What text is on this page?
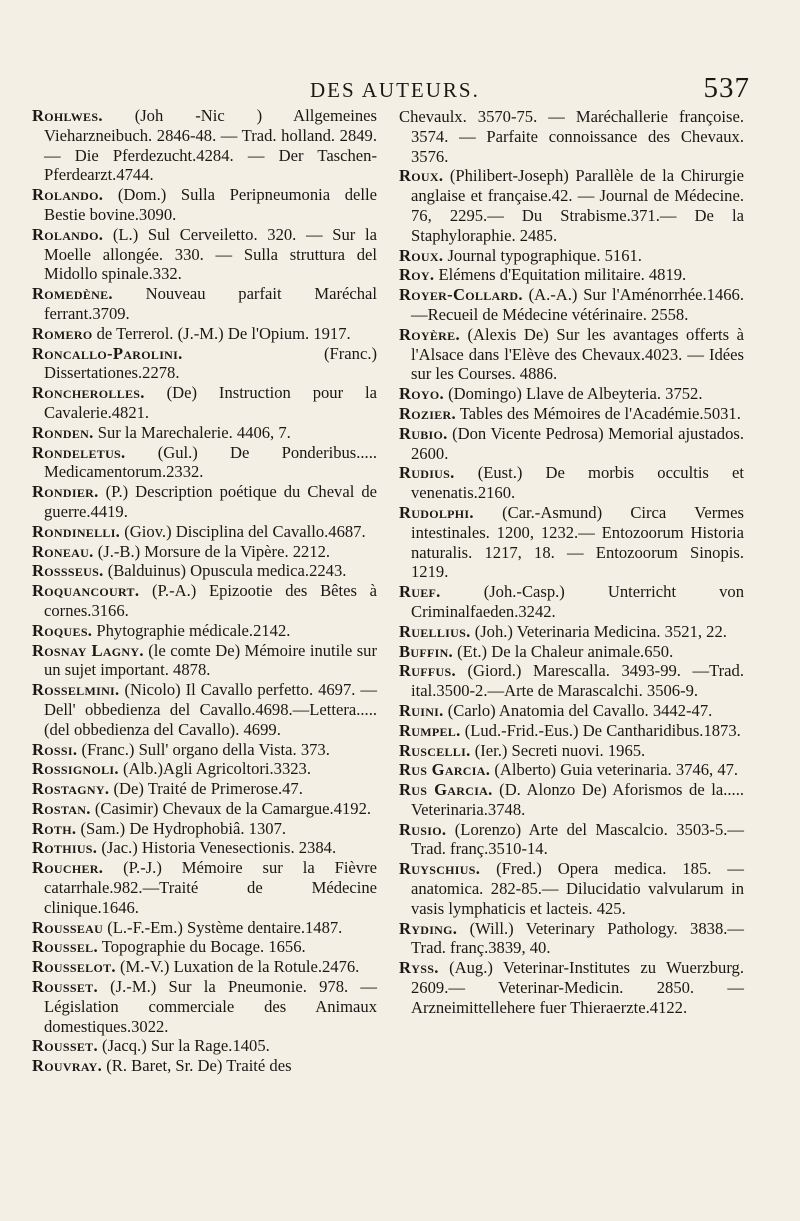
DES AUTEURS.	537

Rohlwes. (Joh -Nic ) Allgemeines Vieharzneibuch. 2846-48. — Trad. holland. 2849. — Die Pferdezucht.4284. — Der Taschen-Pferdearzt.4744.

Rolando. (Dom.) Sulla Peripneumonia delle Bestie bovine.3090.

Rolando. (L.) Sul Cerveiletto. 320. — Sur la Moelle allongée. 330. — Sulla struttura del Midollo spinale.332.

Romedène. Nouveau parfait Maréchal ferrant.3709.

Romero de Terrerol. (J.-M.) De l'Opium. 1917.

Roncallo-Parolini.	(Franc.) Dissertationes.2278.

Roncherolles. (De) Instruction pour la Cavalerie.4821.

Ronden. Sur la Marechalerie. 4406, 7.

Rondeletus. (Gul.) De Ponderibus..... Medicamentorum.2332.

Rondier. (P.) Description poétique du Cheval de guerre.4419.

Rondinelli. (Giov.) Disciplina del Cavallo.4687.

Roneau. (J.-B.) Morsure de la Vipère. 2212.

Rossseus. (Balduinus) Opuscula medica.2243.

Roquancourt. (P.-A.) Epizootie des Bêtes à cornes.3166.

Roques. Phytographie médicale.2142.

Rosnay Lagny. (le comte De) Mémoire inutile sur un sujet important. 4878.

Rosselmini. (Nicolo) Il Cavallo perfetto. 4697. — Dell' obbedienza del Cavallo.4698.—Lettera..... (del obbedienza del Cavallo). 4699.

Rossi. (Franc.) Sull' organo della Vista. 373.

Rossignoli. (Alb.)Agli Agricoltori.3323.

Rostagny. (De) Traité de Primerose.47.

Rostan. (Casimir) Chevaux de la Camargue.4192.

Roth. (Sam.) De Hydrophobiâ. 1307.

Rothius. (Jac.) Historia Venesectionis. 2384.

Roucher. (P.-J.) Mémoire sur la Fièvre catarrhale.982.—Traité de Médecine clinique.1646.

Rousseau (L.-F.-Em.) Système dentaire.1487.

Roussel. Topographie du Bocage. 1656.

Rousselot. (M.-V.) Luxation de la Rotule.2476.

Rousset. (J.-M.) Sur la Pneumonie. 978. — Législation commerciale des Animaux domestiques.3022.

Rousset. (Jacq.) Sur la Rage.1405.

Rouvray. (R. Baret, Sr. De) Traité des

Chevaulx. 3570-75. — Maréchallerie françoise. 3574. — Parfaite connoissance des Chevaux. 3576.

Roux. (Philibert-Joseph) Parallèle de la Chirurgie anglaise et française.42. — Journal de Médecine. 76, 2295.— Du Strabisme.371.— De la Staphyloraphie. 2485.

Roux. Journal typographique. 5161.

Roy. Elémens d'Equitation militaire. 4819.

Royer-Collard. (A.-A.) Sur l'Aménorrhée.1466.—Recueil de Médecine vétérinaire. 2558.

Royère. (Alexis De) Sur les avantages offerts à l'Alsace dans l'Elève des Chevaux.4023. — Idées sur les Courses. 4886.

Royo. (Domingo) Llave de Albeyteria. 3752.

Rozier. Tables des Mémoires de l'Académie.5031.

Rubio. (Don Vicente Pedrosa) Memorial ajustados. 2600.

Rudius. (Eust.) De morbis occultis et venenatis.2160.

Rudolphi. (Car.-Asmund) Circa Vermes intestinales. 1200, 1232.— Entozoorum Historia naturalis. 1217, 18. — Entozoorum Sinopis. 1219.

Ruef.	(Joh.-Casp.) Unterricht von Criminalfaeden.3242.

Ruellius. (Joh.) Veterinaria Medicina. 3521, 22.

Buffin. (Et.) De la Chaleur animale.650.

Ruffus. (Giord.) Marescalla. 3493-99. —Trad. ital.3500-2.—Arte de Marascalchi. 3506-9.

Ruini. (Carlo) Anatomia del Cavallo. 3442-47.

Rumpel. (Lud.-Frid.-Eus.) De Cantharidibus.1873.

Ruscelli. (Ier.) Secreti nuovi. 1965.

Rus Garcia. (Alberto) Guia veterinaria. 3746, 47.

Rus Garcia. (D. Alonzo De) Aforismos de la..... Veterinaria.3748.

Rusio. (Lorenzo) Arte del Mascalcio. 3503-5.—Trad. franç.3510-14.

Ruyschius. (Fred.) Opera medica. 185. — anatomica. 282-85.— Dilucidatio valvularum in vasis lymphaticis et lacteis. 425.

Ryding. (Will.) Veterinary Pathology. 3838.—Trad. franç.3839, 40.

Ryss. (Aug.) Veterinar-Institutes zu Wuerzburg. 2609.— Veterinar-Medicin. 2850. — Arzneimittellehere fuer Thieraerzte.4122.
